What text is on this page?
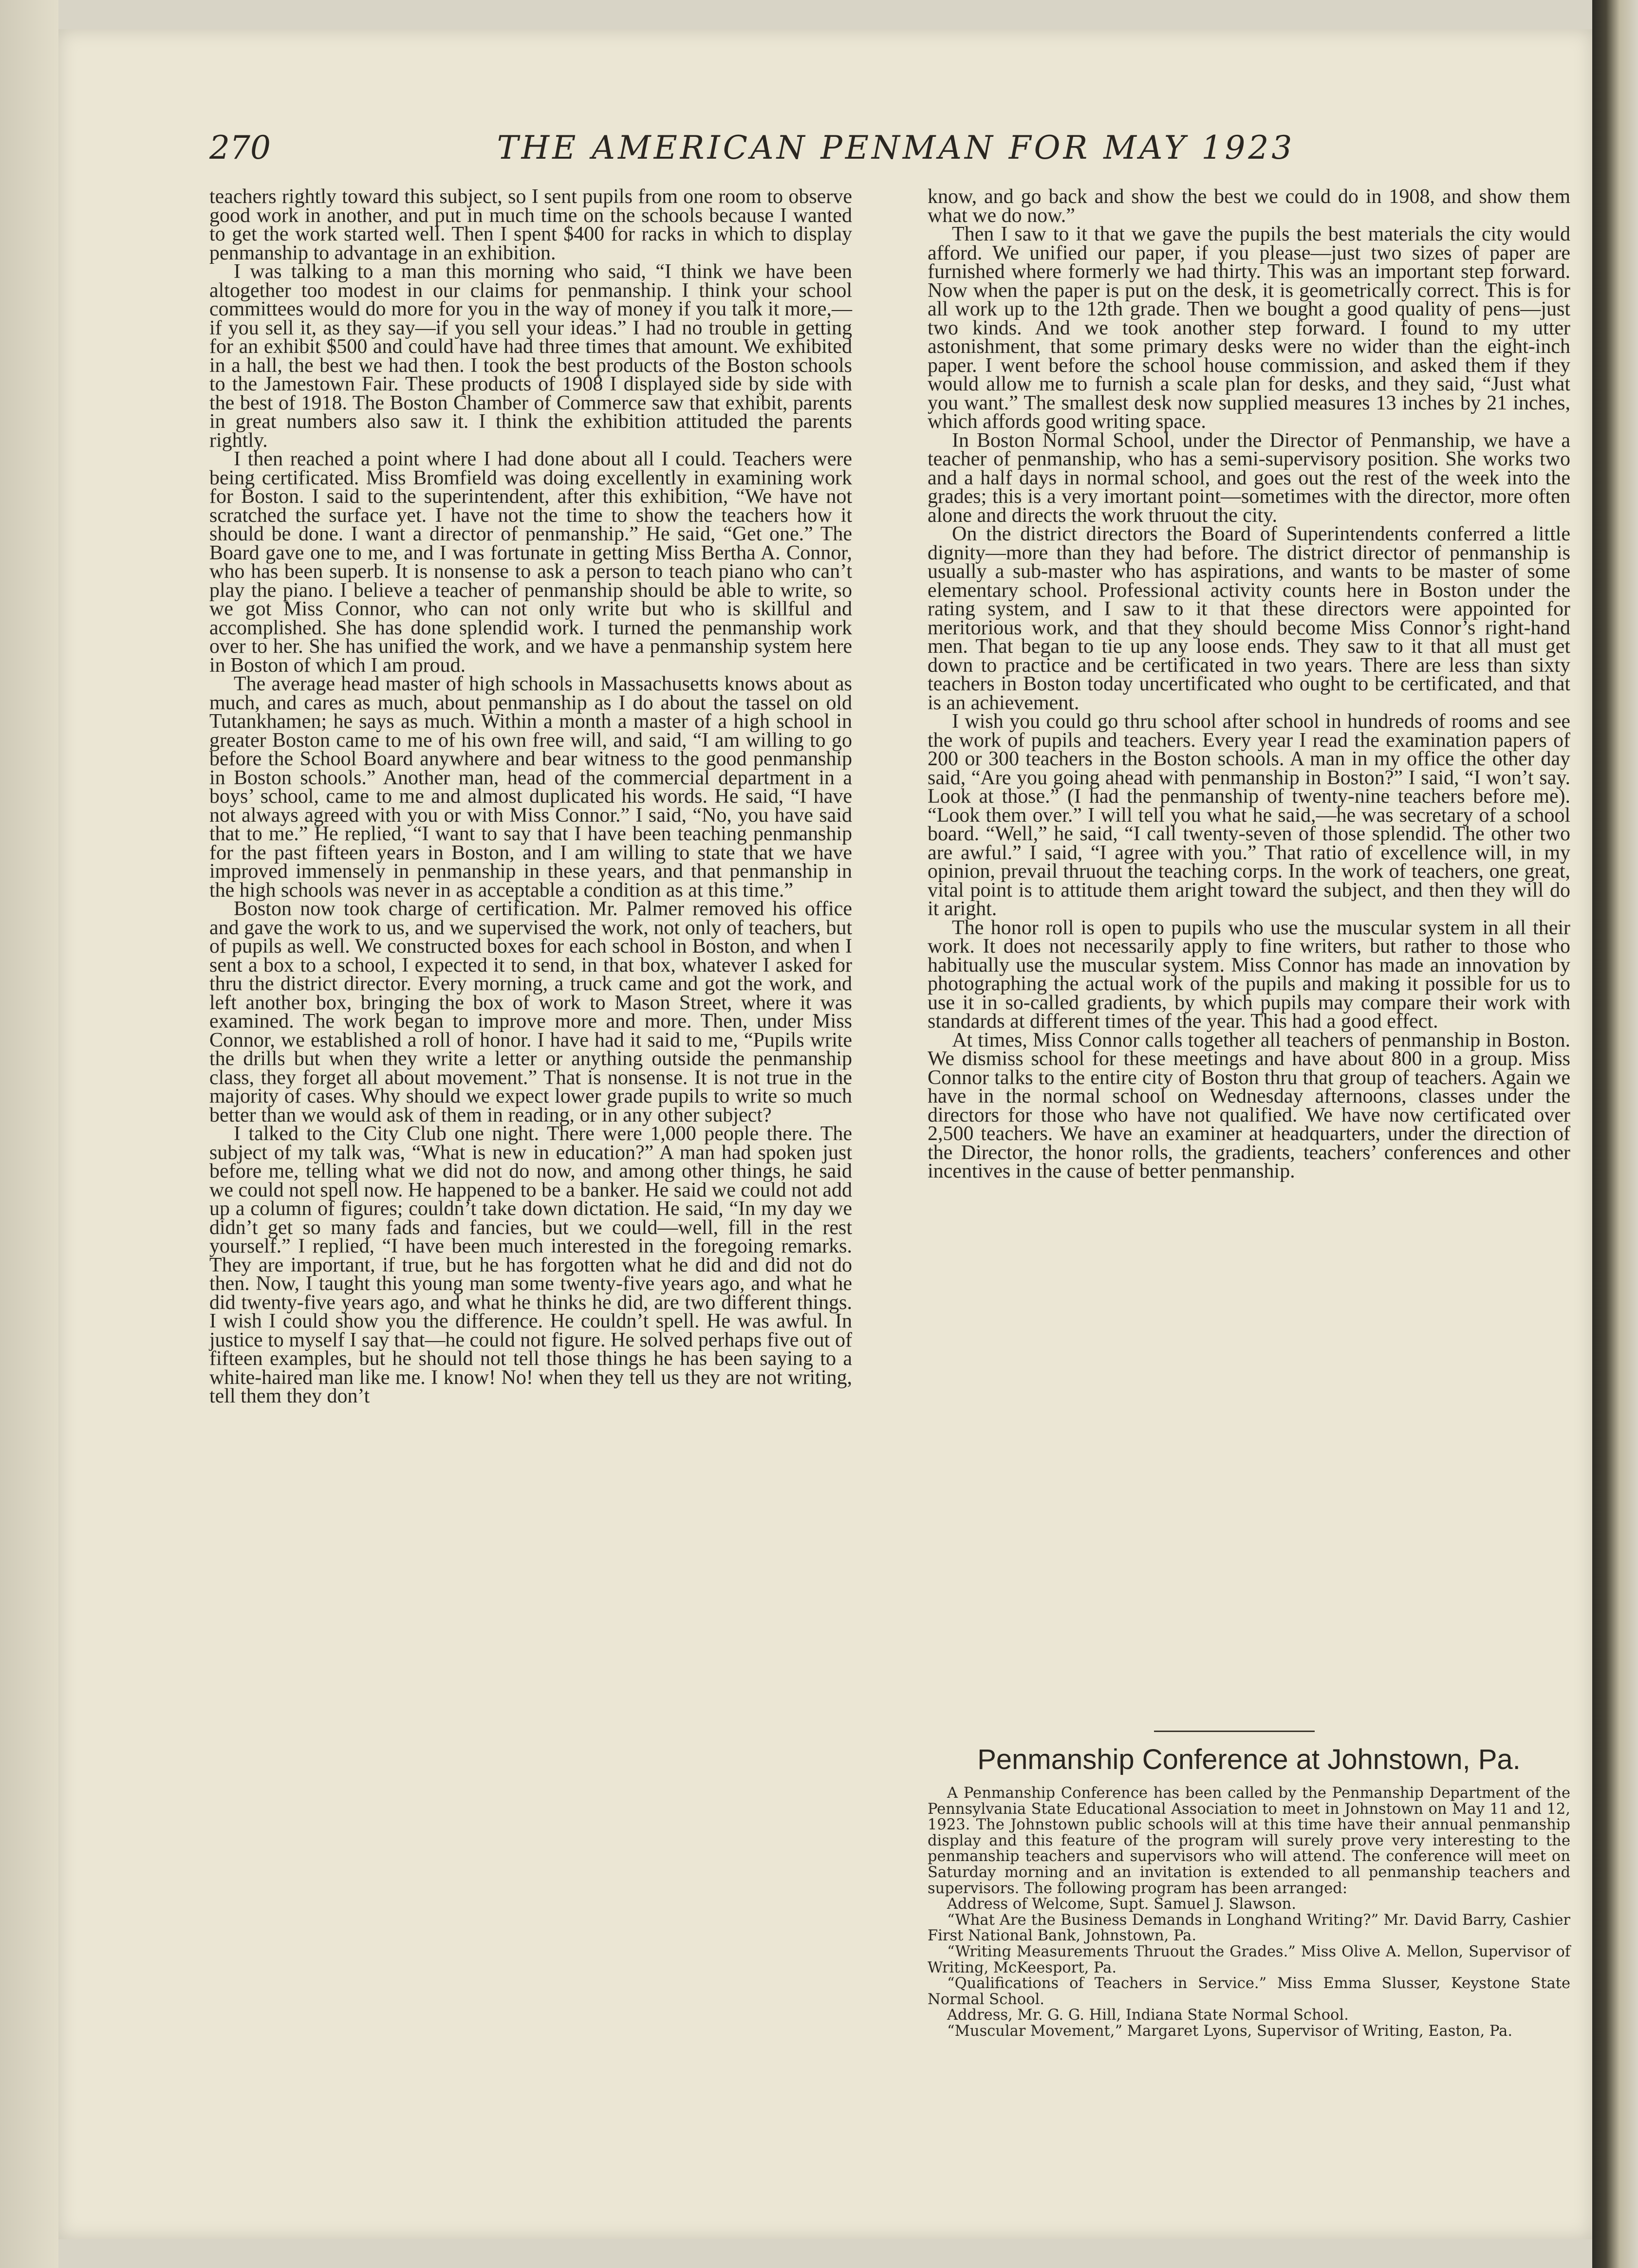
270	THE AMERICAN PENMAN FOR MAY 1923

teachers rightly toward this subject, so I sent pupils from one room to observe good work in another, and put in much time on the schools because I wanted to get the work started well. Then I spent $400 for racks in which to display penmanship to advantage in an exhibition.

I was talking to a man this morning who said, “I think we have been altogether too modest in our claims for penmanship. I think your school committees would do more for you in the way of money if you talk it more,—if you sell it, as they say—if you sell your ideas.” I had no trouble in getting for an exhibit $500 and could have had three times that amount. We exhibited in a hall, the best we had then. I took the best products of the Boston schools to the Jamestown Fair. These products of 1908 I displayed side by side with the best of 1918. The Boston Chamber of Commerce saw that exhibit, parents in great numbers also saw it. I think the exhibition attituded the parents rightly.

I then reached a point where I had done about all I could. Teachers were being certificated. Miss Bromfield was doing excellently in examining work for Boston. I said to the superintendent, after this exhibition, “We have not scratched the surface yet. I have not the time to show the teachers how it should be done. I want a director of penmanship.” He said, “Get one.” The Board gave one to me, and I was fortunate in getting Miss Bertha A. Connor, who has been superb. It is nonsense to ask a person to teach piano who can’t play the piano. I believe a teacher of penmanship should be able to write, so we got Miss Connor, who can not only write but who is skillful and accomplished. She has done splendid work. I turned the penmanship work over to her. She has unified the work, and we have a penmanship system here in Boston of which I am proud.

The average head master of high schools in Massachusetts knows about as much, and cares as much, about penmanship as I do about the tassel on old Tutankhamen; he says as much. Within a month a master of a high school in greater Boston came to me of his own free will, and said, “I am willing to go before the School Board anywhere and bear witness to the good penmanship in Boston schools.” Another man, head of the commercial department in a boys’ school, came to me and almost duplicated his words. He said, “I have not always agreed with you or with Miss Connor.” I said, “No, you have said that to me.” He replied, “I want to say that I have been teaching penmanship for the past fifteen years in Boston, and I am willing to state that we have improved immensely in penmanship in these years, and that penmanship in the high schools was never in as acceptable a condition as at this time.”

Boston now took charge of certification. Mr. Palmer removed his office and gave the work to us, and we supervised the work, not only of teachers, but of pupils as well. We constructed boxes for each school in Boston, and when I sent a box to a school, I expected it to send, in that box, whatever I asked for thru the district director. Every morning, a truck came and got the work, and left another box, bringing the box of work to Mason Street, where it was examined. The work began to improve more and more. Then, under Miss Connor, we established a roll of honor. I have had it said to me, “Pupils write the drills but when they write a letter or anything outside the penmanship class, they forget all about movement.” That is nonsense. It is not true in the majority of cases. Why should we expect lower grade pupils to write so much better than we would ask of them in reading, or in any other subject?

I talked to the City Club one night. There were 1,000 people there. The subject of my talk was, “What is new in education?” A man had spoken just before me, telling what we did not do now, and among other things, he said we could not spell now. He happened to be a banker. He said we could not add up a column of figures; couldn’t take down dictation. He said, “In my day we didn’t get so many fads and fancies, but we could—well, fill in the rest yourself.” I replied, “I have been much interested in the foregoing remarks. They are important, if true, but he has forgotten what he did and did not do then. Now, I taught this young man some twenty-five years ago, and what he did twenty-five years ago, and what he thinks he did, are two different things. I wish I could show you the difference. He couldn’t spell. He was awful. In justice to myself I say that—he could not figure. He solved perhaps five out of fifteen examples, but he should not tell those things he has been saying to a white-haired man like me. I know! No! when they tell us they are not writing, tell them they don’t

know, and go back and show the best we could do in 1908, and show them what we do now.”

Then I saw to it that we gave the pupils the best materials the city would afford. We unified our paper, if you please—just two sizes of paper are furnished where formerly we had thirty. This was an important step forward. Now when the paper is put on the desk, it is geometrically correct. This is for all work up to the 12th grade. Then we bought a good quality of pens—just two kinds. And we took another step forward. I found to my utter astonishment, that some primary desks were no wider than the eight-inch paper. I went before the school house commission, and asked them if they would allow me to furnish a scale plan for desks, and they said, “Just what you want.” The smallest desk now supplied measures 13 inches by 21 inches, which affords good writing space.

In Boston Normal School, under the Director of Penmanship, we have a teacher of penmanship, who has a semi-supervisory position. She works two and a half days in normal school, and goes out the rest of the week into the grades; this is a very imortant point—sometimes with the director, more often alone and directs the work thruout the city.

On the district directors the Board of Superintendents conferred a little dignity—more than they had before. The district director of penmanship is usually a sub-master who has aspirations, and wants to be master of some elementary school. Professional activity counts here in Boston under the rating system, and I saw to it that these directors were appointed for meritorious work, and that they should become Miss Connor’s right-hand men. That began to tie up any loose ends. They saw to it that all must get down to practice and be certificated in two years. There are less than sixty teachers in Boston today uncertificated who ought to be certificated, and that is an achievement.

I wish you could go thru school after school in hundreds of rooms and see the work of pupils and teachers. Every year I read the examination papers of 200 or 300 teachers in the Boston schools. A man in my office the other day said, “Are you going ahead with penmanship in Boston?” I said, “I won’t say. Look at those.” (I had the penmanship of twenty-nine teachers before me). “Look them over.” I will tell you what he said,—he was secretary of a school board. “Well,” he said, “I call twenty-seven of those splendid. The other two are awful.” I said, “I agree with you.” That ratio of excellence will, in my opinion, prevail thruout the teaching corps. In the work of teachers, one great, vital point is to attitude them aright toward the subject, and then they will do it aright.

The honor roll is open to pupils who use the muscular system in all their work. It does not necessarily apply to fine writers, but rather to those who habitually use the muscular system. Miss Connor has made an innovation by photographing the actual work of the pupils and making it possible for us to use it in so-called gradients, by which pupils may compare their work with standards at different times of the year. This had a good effect.

At times, Miss Connor calls together all teachers of penmanship in Boston. We dismiss school for these meetings and have about 800 in a group. Miss Connor talks to the entire city of Boston thru that group of teachers. Again we have in the normal school on Wednesday afternoons, classes under the directors for those who have not qualified. We have now certificated over 2,500 teachers. We have an examiner at headquarters, under the direction of the Director, the honor rolls, the gradients, teachers’ conferences and other incentives in the cause of better penmanship.

Penmanship Conference at Johnstown, Pa.

A Penmanship Conference has been called by the Penmanship Department of the Pennsylvania State Educational Association to meet in Johnstown on May 11 and 12, 1923. The Johnstown public schools will at this time have their annual penmanship display and this feature of the program will surely prove very interesting to the penmanship teachers and supervisors who will attend. The conference will meet on Saturday morning and an invitation is extended to all penmanship teachers and supervisors. The following program has been arranged:

Address of Welcome, Supt. Samuel J. Slawson.

“What Are the Business Demands in Longhand Writing?” Mr. David Barry, Cashier First National Bank, Johnstown, Pa.

“Writing Measurements Thruout the Grades.” Miss Olive A. Mellon, Supervisor of Writing, McKeesport, Pa.

“Qualifications of Teachers in Service.” Miss Emma Slusser, Keystone State Normal School.

Address, Mr. G. G. Hill, Indiana State Normal School.

“Muscular Movement,” Margaret Lyons, Supervisor of Writing, Easton, Pa.
